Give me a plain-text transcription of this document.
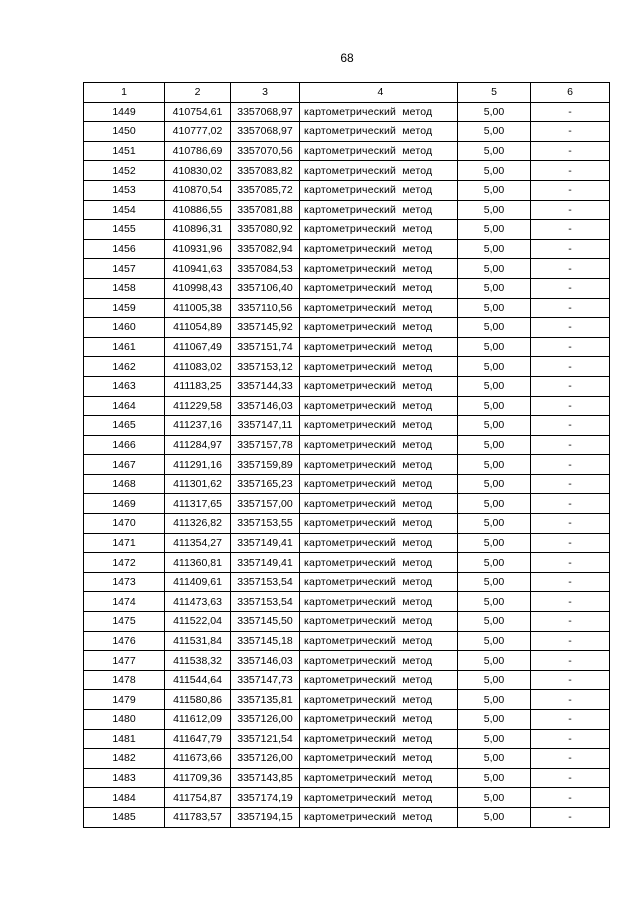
68
1	2	3	4	5	6
1449	410754,61	3357068,97	картометрический метод	5,00	-
1450	410777,02	3357068,97	картометрический метод	5,00	-
1451	410786,69	3357070,56	картометрический метод	5,00	-
1452	410830,02	3357083,82	картометрический метод	5,00	-
1453	410870,54	3357085,72	картометрический метод	5,00	-
1454	410886,55	3357081,88	картометрический метод	5,00	-
1455	410896,31	3357080,92	картометрический метод	5,00	-
1456	410931,96	3357082,94	картометрический метод	5,00	-
1457	410941,63	3357084,53	картометрический метод	5,00	-
1458	410998,43	3357106,40	картометрический метод	5,00	-
1459	411005,38	3357110,56	картометрический метод	5,00	-
1460	411054,89	3357145,92	картометрический метод	5,00	-
1461	411067,49	3357151,74	картометрический метод	5,00	-
1462	411083,02	3357153,12	картометрический метод	5,00	-
1463	411183,25	3357144,33	картометрический метод	5,00	-
1464	411229,58	3357146,03	картометрический метод	5,00	-
1465	411237,16	3357147,11	картометрический метод	5,00	-
1466	411284,97	3357157,78	картометрический метод	5,00	-
1467	411291,16	3357159,89	картометрический метод	5,00	-
1468	411301,62	3357165,23	картометрический метод	5,00	-
1469	411317,65	3357157,00	картометрический метод	5,00	-
1470	411326,82	3357153,55	картометрический метод	5,00	-
1471	411354,27	3357149,41	картометрический метод	5,00	-
1472	411360,81	3357149,41	картометрический метод	5,00	-
1473	411409,61	3357153,54	картометрический метод	5,00	-
1474	411473,63	3357153,54	картометрический метод	5,00	-
1475	411522,04	3357145,50	картометрический метод	5,00	-
1476	411531,84	3357145,18	картометрический метод	5,00	-
1477	411538,32	3357146,03	картометрический метод	5,00	-
1478	411544,64	3357147,73	картометрический метод	5,00	-
1479	411580,86	3357135,81	картометрический метод	5,00	-
1480	411612,09	3357126,00	картометрический метод	5,00	-
1481	411647,79	3357121,54	картометрический метод	5,00	-
1482	411673,66	3357126,00	картометрический метод	5,00	-
1483	411709,36	3357143,85	картометрический метод	5,00	-
1484	411754,87	3357174,19	картометрический метод	5,00	-
1485	411783,57	3357194,15	картометрический метод	5,00	-
